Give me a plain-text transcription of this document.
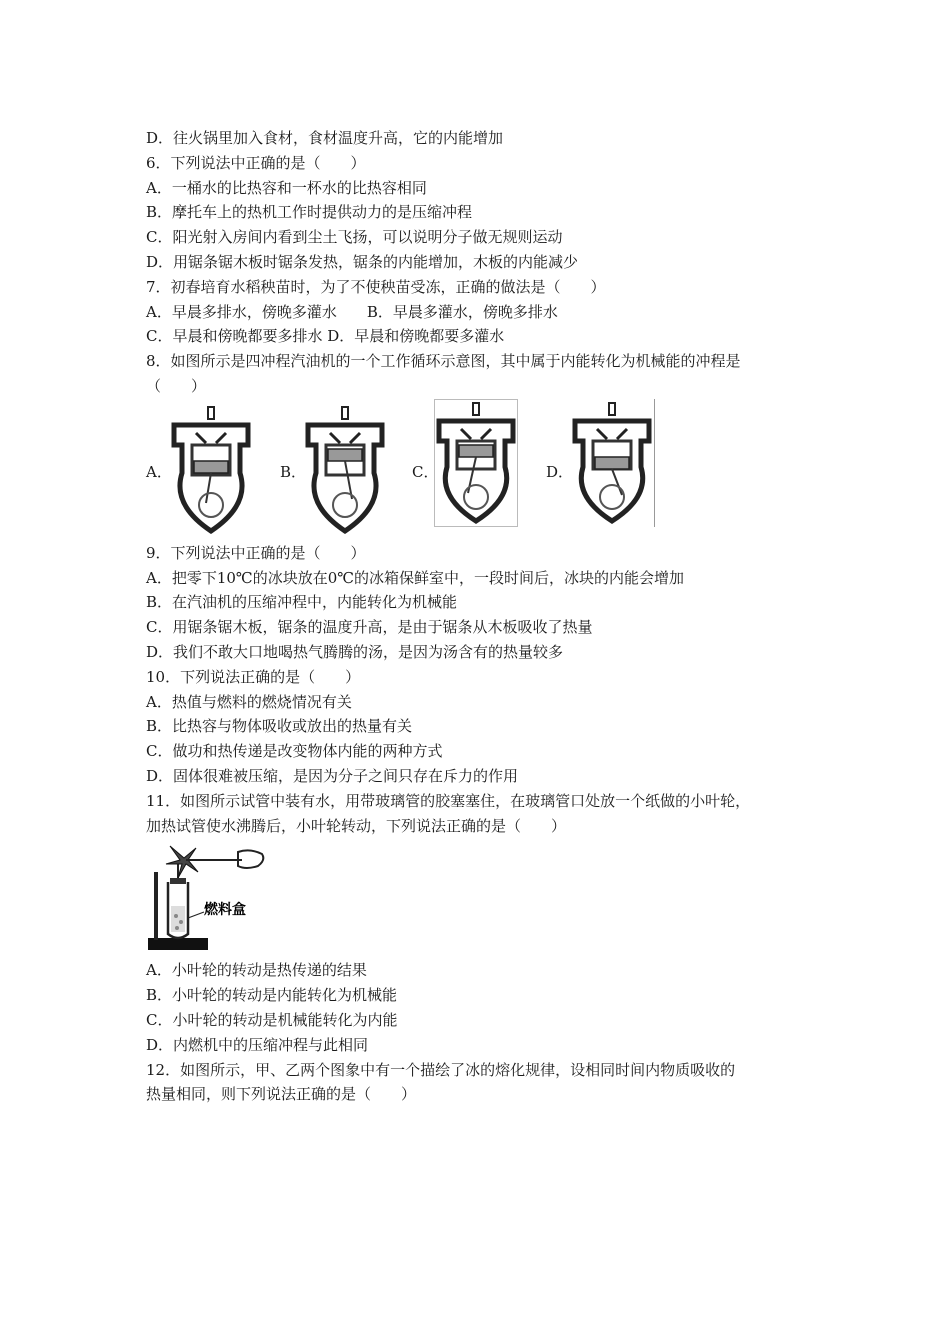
D．往火锅里加入食材，食材温度升高，它的内能增加
6．下列说法中正确的是（　　）
A．一桶水的比热容和一杯水的比热容相同
B．摩托车上的热机工作时提供动力的是压缩冲程
C．阳光射入房间内看到尘土飞扬，可以说明分子做无规则运动
D．用锯条锯木板时锯条发热，锯条的内能增加，木板的内能减少
7．初春培育水稻秧苗时，为了不使秧苗受冻，正确的做法是（　　）
A．早晨多排水，傍晚多灌水　　B．早晨多灌水，傍晚多排水
C．早晨和傍晚都要多排水 D．早晨和傍晚都要多灌水
8．如图所示是四冲程汽油机的一个工作循环示意图，其中属于内能转化为机械能的冲程是
（　　）
A．	B．	C．	D．
9．下列说法中正确的是（　　）
A．把零下10℃的冰块放在0℃的冰箱保鲜室中，一段时间后，冰块的内能会增加
B．在汽油机的压缩冲程中，内能转化为机械能
C．用锯条锯木板，锯条的温度升高，是由于锯条从木板吸收了热量
D．我们不敢大口地喝热气腾腾的汤，是因为汤含有的热量较多
10．下列说法正确的是（　　）
A．热值与燃料的燃烧情况有关
B．比热容与物体吸收或放出的热量有关
C．做功和热传递是改变物体内能的两种方式
D．固体很难被压缩，是因为分子之间只存在斥力的作用
11．如图所示试管中装有水，用带玻璃管的胶塞塞住，在玻璃管口处放一个纸做的小叶轮，
加热试管使水沸腾后，小叶轮转动，下列说法正确的是（　　）
燃料盒
A．小叶轮的转动是热传递的结果
B．小叶轮的转动是内能转化为机械能
C．小叶轮的转动是机械能转化为内能
D．内燃机中的压缩冲程与此相同
12．如图所示，甲、乙两个图象中有一个描绘了冰的熔化规律，设相同时间内物质吸收的
热量相同，则下列说法正确的是（　　）
